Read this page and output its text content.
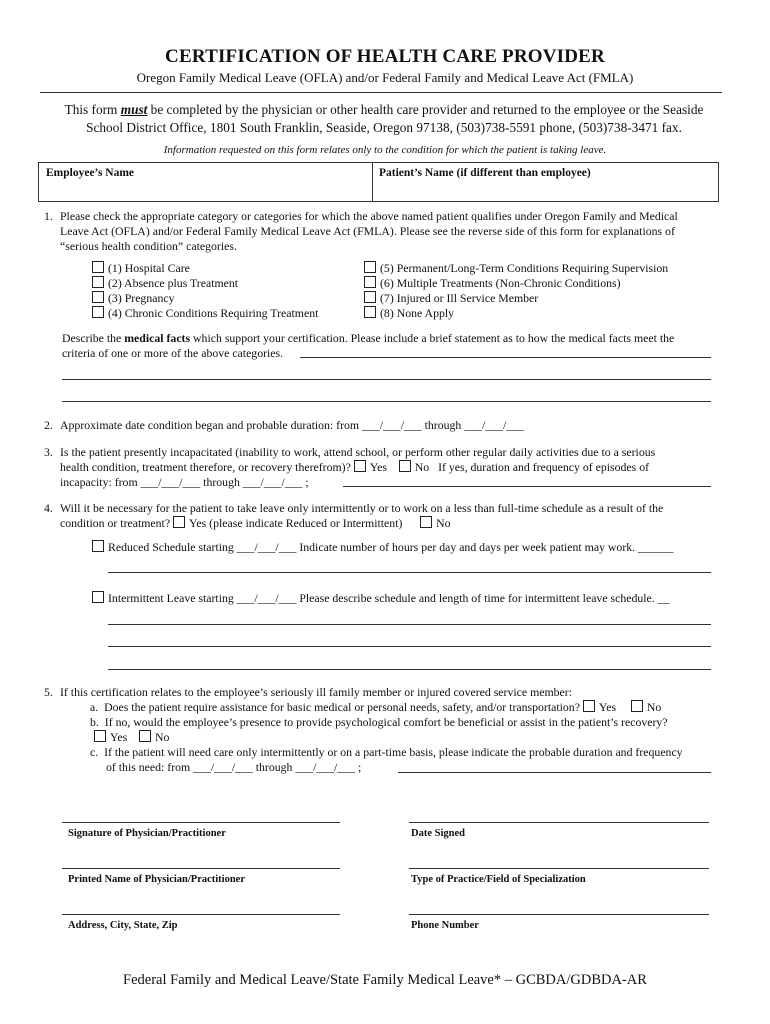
CERTIFICATION OF HEALTH CARE PROVIDER
Oregon Family Medical Leave (OFLA) and/or Federal Family and Medical Leave Act (FMLA)
This form must be completed by the physician or other health care provider and returned to the employee or the Seaside
School District Office, 1801 South Franklin, Seaside, Oregon 97138, (503)738-5591 phone, (503)738-3471 fax.
Information requested on this form relates only to the condition for which the patient is taking leave.
Employee’s Name	Patient’s Name (if different than employee)
1. Please check the appropriate category or categories for which the above named patient qualifies under Oregon Family and Medical
Leave Act (OFLA) and/or Federal Family Medical Leave Act (FMLA). Please see the reverse side of this form for explanations of
“serious health condition” categories.
(1) Hospital Care
(2) Absence plus Treatment
(3) Pregnancy
(4) Chronic Conditions Requiring Treatment
(5) Permanent/Long-Term Conditions Requiring Supervision
(6) Multiple Treatments (Non-Chronic Conditions)
(7) Injured or Ill Service Member
(8) None Apply
Describe the medical facts which support your certification. Please include a brief statement as to how the medical facts meet the
criteria of one or more of the above categories.
2. Approximate date condition began and probable duration: from ___/___/___ through ___/___/___
3. Is the patient presently incapacitated (inability to work, attend school, or perform other regular daily activities due to a serious
health condition, treatment therefore, or recovery therefrom)? Yes No If yes, duration and frequency of episodes of
incapacity: from ___/___/___ through ___/___/___ ;
4. Will it be necessary for the patient to take leave only intermittently or to work on a less than full-time schedule as a result of the
condition or treatment? Yes (please indicate Reduced or Intermittent)	No
Reduced Schedule starting ___/___/___ Indicate number of hours per day and days per week patient may work. ______
Intermittent Leave starting ___/___/___ Please describe schedule and length of time for intermittent leave schedule. __
5. If this certification relates to the employee’s seriously ill family member or injured covered service member:
a. Does the patient require assistance for basic medical or personal needs, safety, and/or transportation? Yes	No
b. If no, would the employee’s presence to provide psychological comfort be beneficial or assist in the patient’s recovery?
Yes No
c. If the patient will need care only intermittently or on a part-time basis, please indicate the probable duration and frequency
of this need: from ___/___/___ through ___/___/___ ;
Signature of Physician/Practitioner	Date Signed
Printed Name of Physician/Practitioner	Type of Practice/Field of Specialization
Address, City, State, Zip	Phone Number
Federal Family and Medical Leave/State Family Medical Leave* – GCBDA/GDBDA-AR
